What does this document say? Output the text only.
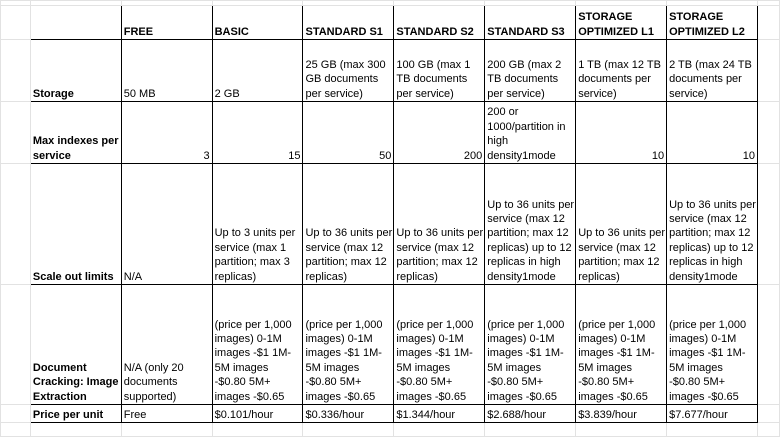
		FREE	BASIC	STANDARD S1	STANDARD S2	STANDARD S3	STORAGE OPTIMIZED L1	STORAGE OPTIMIZED L2	
	Storage	50 MB	2 GB	25 GB (max 300 GB documents per service)	100 GB (max 1 TB documents per service)	200 GB (max 2 TB documents per service)	1 TB (max 12 TB documents per service)	2 TB (max 24 TB documents per service)	
	Max indexes per service	3	15	50	200	200 or 1000/partition in high density1mode	10	10	
	Scale out limits	N/A	Up to 3 units per service (max 1 partition; max 3 replicas)	Up to 36 units per service (max 12 partition; max 12 replicas)	Up to 36 units per service (max 12 partition; max 12 replicas)	Up to 36 units per service (max 12 partition; max 12 replicas) up to 12 replicas in high density1mode	Up to 36 units per service (max 12 partition; max 12 replicas)	Up to 36 units per service (max 12 partition; max 12 replicas) up to 12 replicas in high density1mode	
	Document Cracking: Image Extraction	N/A (only 20 documents supported)	(price per 1,000 images) 0-1M images -$1 1M-5M images -$0.80 5M+ images -$0.65	(price per 1,000 images) 0-1M images -$1 1M-5M images -$0.80 5M+ images -$0.65	(price per 1,000 images) 0-1M images -$1 1M-5M images -$0.80 5M+ images -$0.65	(price per 1,000 images) 0-1M images -$1 1M-5M images -$0.80 5M+ images -$0.65	(price per 1,000 images) 0-1M images -$1 1M-5M images -$0.80 5M+ images -$0.65	(price per 1,000 images) 0-1M images -$1 1M-5M images -$0.80 5M+ images -$0.65	
	Price per unit	Free	$0.101/hour	$0.336/hour	$1.344/hour	$2.688/hour	$3.839/hour	$7.677/hour	
